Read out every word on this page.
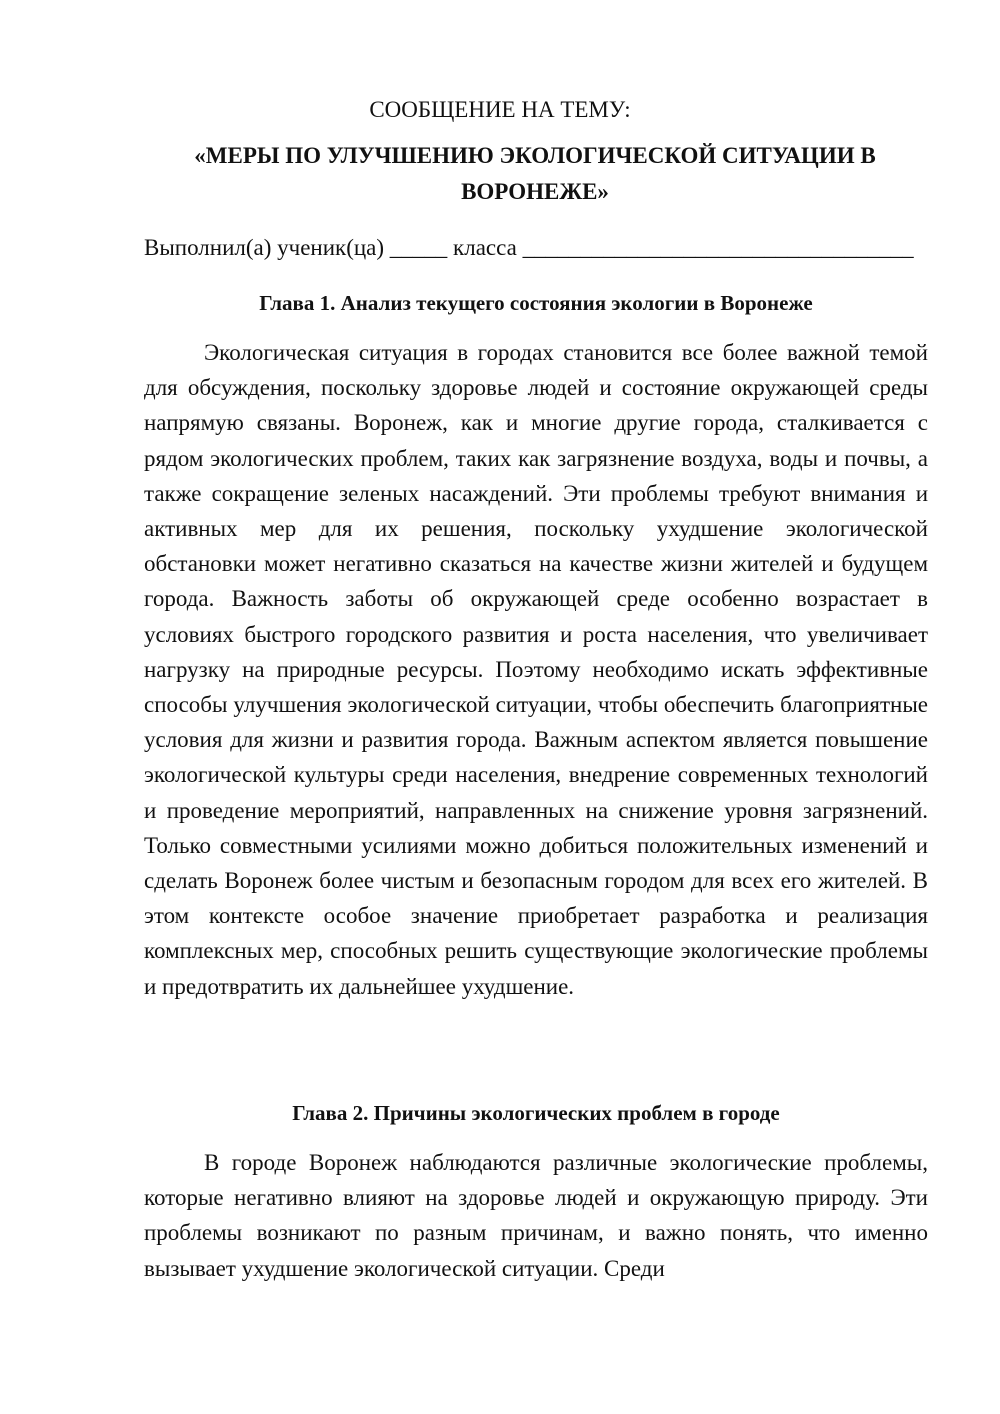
СООБЩЕНИЕ НА ТЕМУ:
«МЕРЫ ПО УЛУЧШЕНИЮ ЭКОЛОГИЧЕСКОЙ СИТУАЦИИ В ВОРОНЕЖЕ»
Выполнил(а) ученик(ца) _____ класса __________________________________
Глава 1. Анализ текущего состояния экологии в Воронеже

Экологическая ситуация в городах становится все более важной темой для обсуждения, поскольку здоровье людей и состояние окружающей среды напрямую связаны. Воронеж, как и многие другие города, сталкивается с рядом экологических проблем, таких как загрязнение воздуха, воды и почвы, а также сокращение зеленых насаждений. Эти проблемы требуют внимания и активных мер для их решения, поскольку ухудшение экологической обстановки может негативно сказаться на качестве жизни жителей и будущем города. Важность заботы об окружающей среде особенно возрастает в условиях быстрого городского развития и роста населения, что увеличивает нагрузку на природные ресурсы. Поэтому необходимо искать эффективные способы улучшения экологической ситуации, чтобы обеспечить благоприятные условия для жизни и развития города. Важным аспектом является повышение экологической культуры среди населения, внедрение современных технологий и проведение мероприятий, направленных на снижение уровня загрязнений. Только совместными усилиями можно добиться положительных изменений и сделать Воронеж более чистым и безопасным городом для всех его жителей. В этом контексте особое значение приобретает разработка и реализация комплексных мер, способных решить существующие экологические проблемы и предотвратить их дальнейшее ухудшение.

Глава 2. Причины экологических проблем в городе

В городе Воронеж наблюдаются различные экологические проблемы, которые негативно влияют на здоровье людей и окружающую природу. Эти проблемы возникают по разным причинам, и важно понять, что именно вызывает ухудшение экологической ситуации. Среди
